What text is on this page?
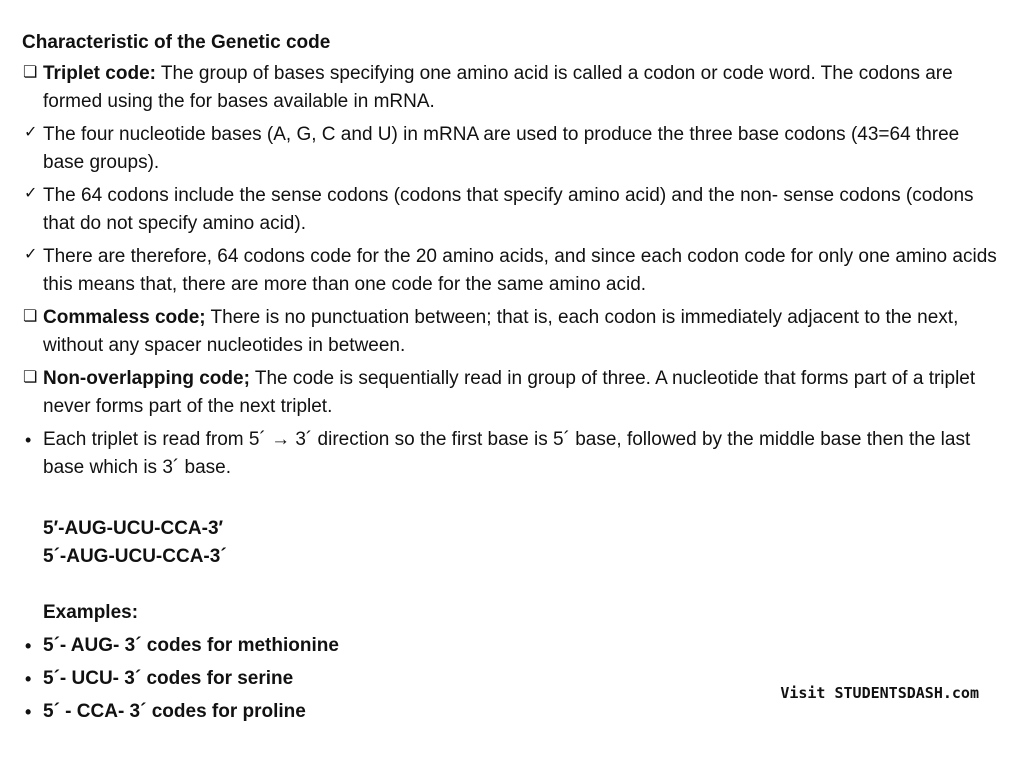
Characteristic of the Genetic code
❏ Triplet code: The group of bases specifying one amino acid is called a codon or code word. The codons are formed using the for bases available in mRNA.
✓ The four nucleotide bases (A, G, C and U) in mRNA are used to produce the three base codons (43=64 three base groups).
✓ The 64 codons include the sense codons (codons that specify amino acid) and the non- sense codons (codons that do not specify amino acid).
✓ There are therefore, 64 codons code for the 20 amino acids, and since each codon code for only one amino acids this means that, there are more than one code for the same amino acid.
❏ Commaless code; There is no punctuation between; that is, each codon is immediately adjacent to the next, without any spacer nucleotides in between.
❏ Non-overlapping code; The code is sequentially read in group of three. A nucleotide that forms part of a triplet never forms part of the next triplet.
• Each triplet is read from 5´ → 3´ direction so the first base is 5´ base, followed by the middle base then the last base which is 3´ base.
5′-AUG-UCU-CCA-3′
5´-AUG-UCU-CCA-3´
Examples:
• 5´- AUG- 3´ codes for methionine
• 5´- UCU- 3´ codes for serine
• 5´ - CCA- 3´ codes for proline
Visit STUDENTSDASH.com
